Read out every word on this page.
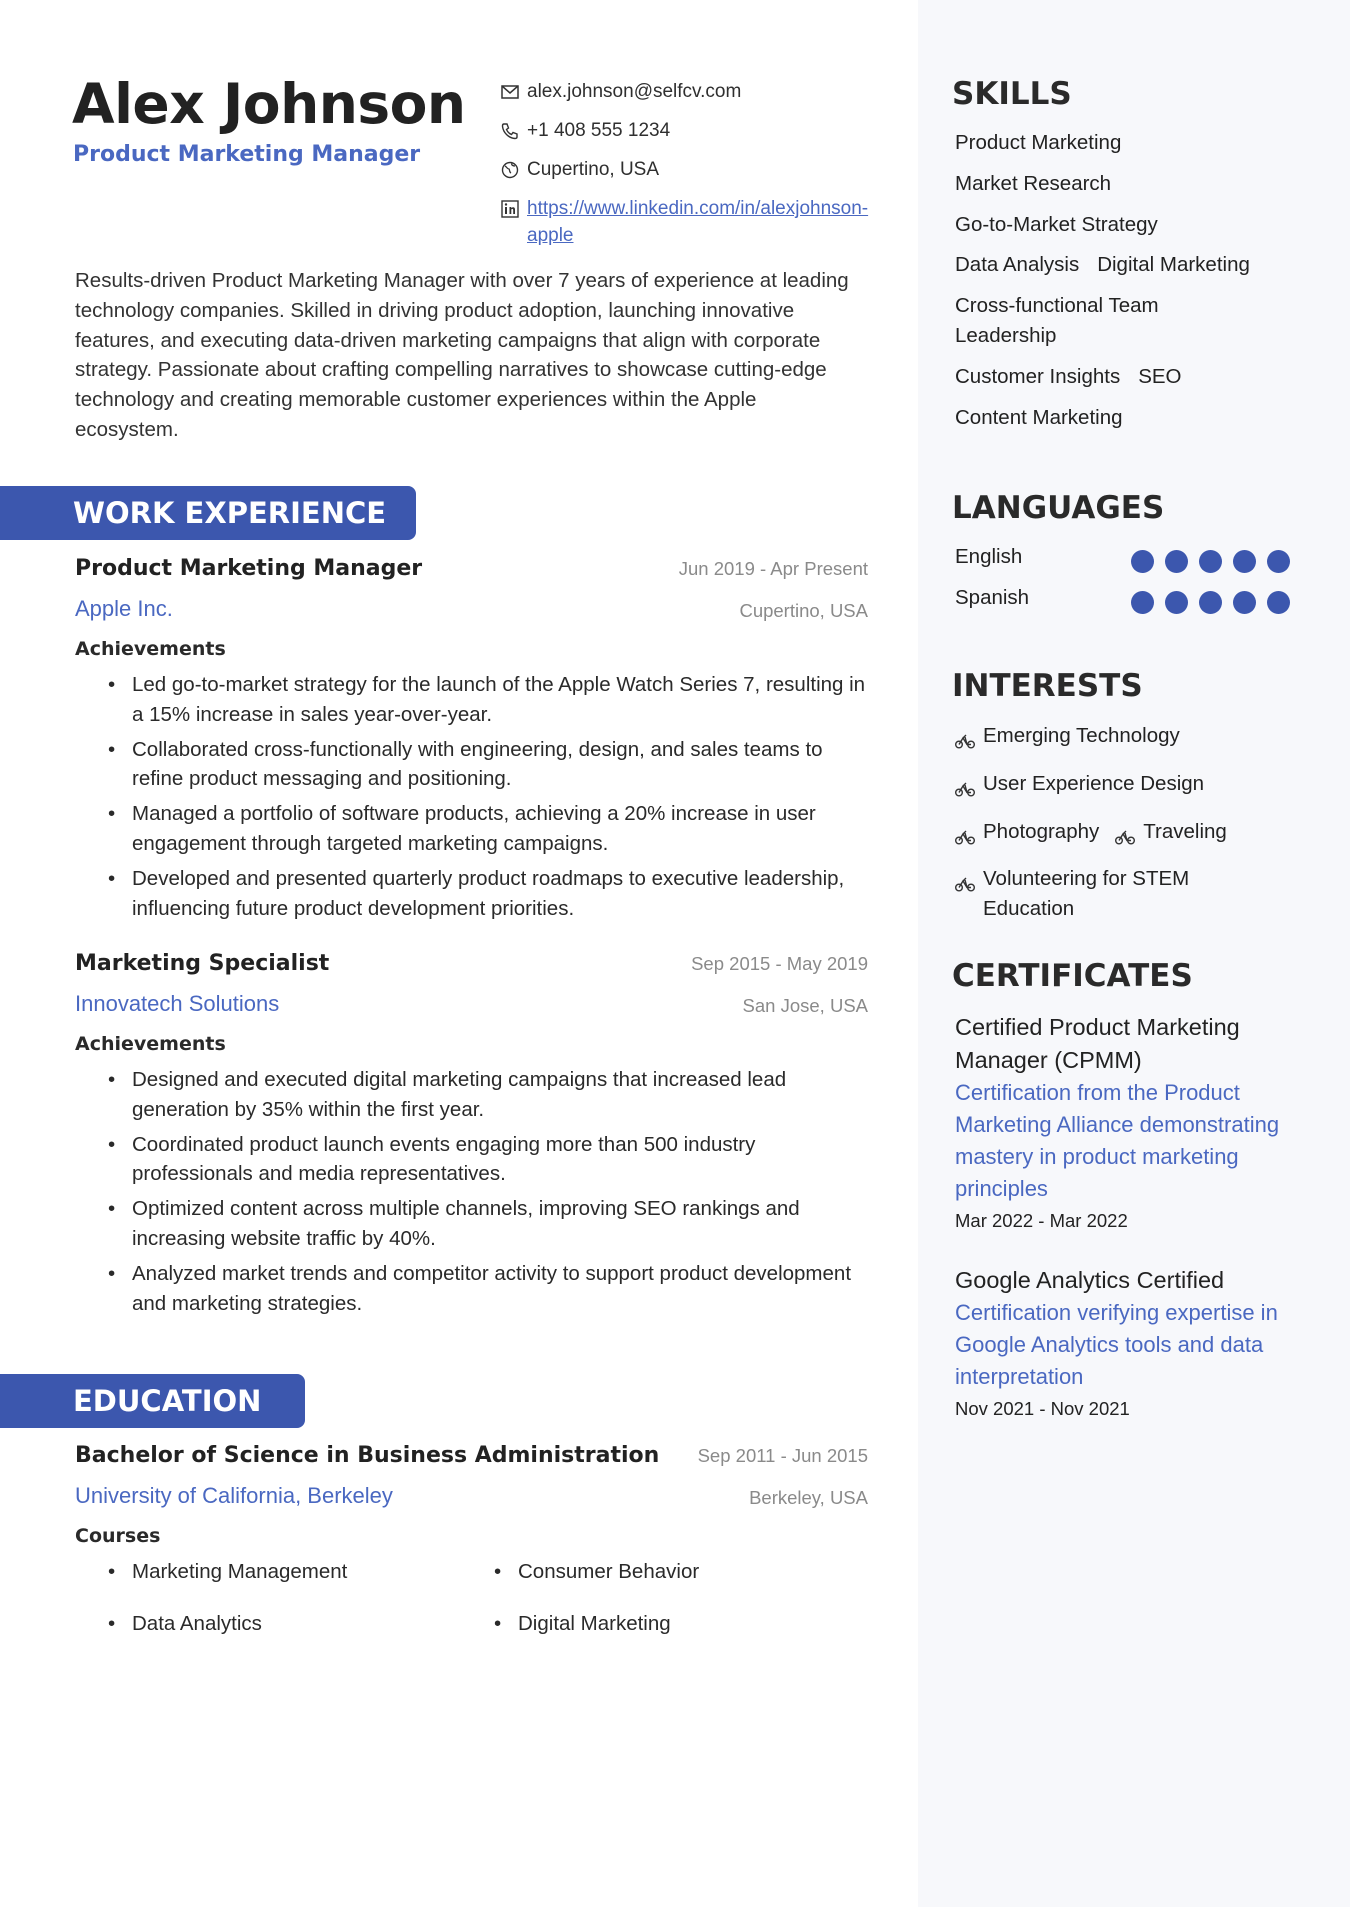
Alex Johnson
Product Marketing Manager
alex.johnson@selfcv.com
+1 408 555 1234
Cupertino, USA
https://www.linkedin.com/in/alexjohnson-apple
Results-driven Product Marketing Manager with over 7 years of experience at leading technology companies. Skilled in driving product adoption, launching innovative features, and executing data-driven marketing campaigns that align with corporate strategy. Passionate about crafting compelling narratives to showcase cutting-edge technology and creating memorable customer experiences within the Apple ecosystem.
WORK EXPERIENCE
Product Marketing Manager	Jun 2019 - Apr Present
Apple Inc.	Cupertino, USA
Achievements
• Led go-to-market strategy for the launch of the Apple Watch Series 7, resulting in a 15% increase in sales year-over-year.
• Collaborated cross-functionally with engineering, design, and sales teams to refine product messaging and positioning.
• Managed a portfolio of software products, achieving a 20% increase in user engagement through targeted marketing campaigns.
• Developed and presented quarterly product roadmaps to executive leadership, influencing future product development priorities.
Marketing Specialist	Sep 2015 - May 2019
Innovatech Solutions	San Jose, USA
Achievements
• Designed and executed digital marketing campaigns that increased lead generation by 35% within the first year.
• Coordinated product launch events engaging more than 500 industry professionals and media representatives.
• Optimized content across multiple channels, improving SEO rankings and increasing website traffic by 40%.
• Analyzed market trends and competitor activity to support product development and marketing strategies.
EDUCATION
Bachelor of Science in Business Administration Sep 2011 - Jun 2015
University of California, Berkeley	Berkeley, USA
Courses
• Marketing Management	• Consumer Behavior
• Data Analytics	• Digital Marketing
SKILLS
Product Marketing
Market Research
Go-to-Market Strategy
Data Analysis Digital Marketing
Cross-functional Team Leadership
Customer Insights SEO
Content Marketing
LANGUAGES
English
Spanish
INTERESTS
Emerging Technology
User Experience Design
Photography Traveling
Volunteering for STEM Education
CERTIFICATES
Certified Product Marketing Manager (CPMM)
Certification from the Product Marketing Alliance demonstrating mastery in product marketing principles
Mar 2022 - Mar 2022
Google Analytics Certified
Certification verifying expertise in Google Analytics tools and data interpretation
Nov 2021 - Nov 2021
